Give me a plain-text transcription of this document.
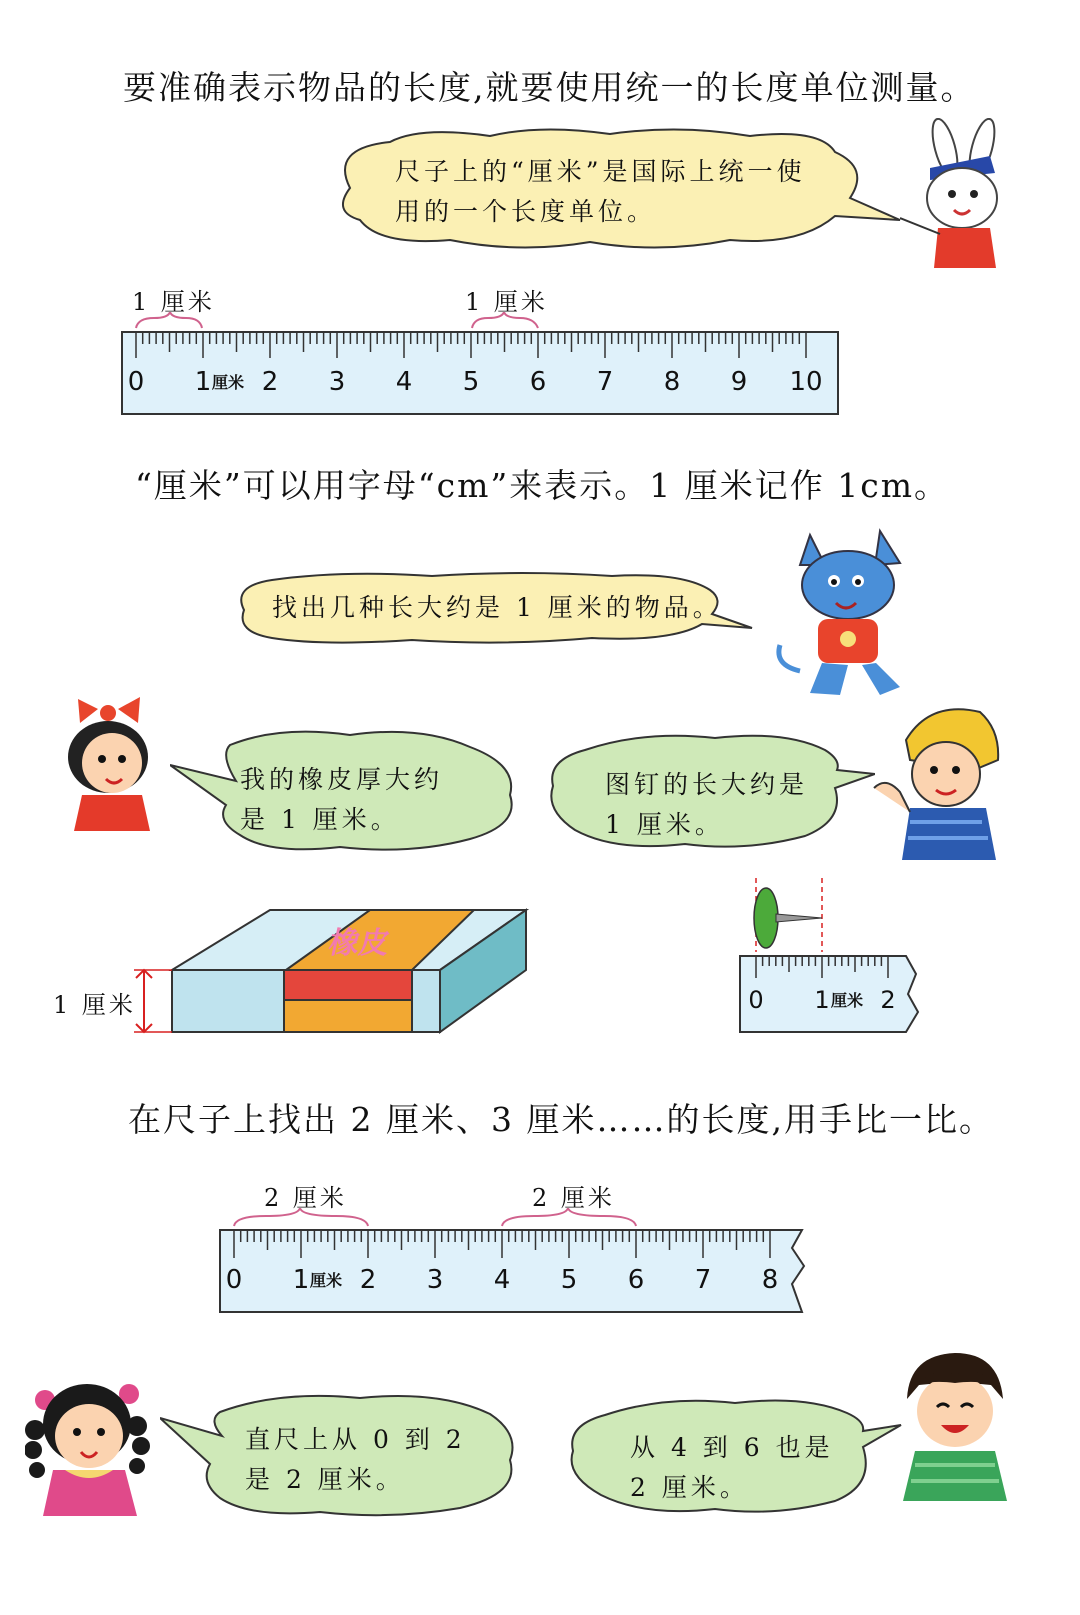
要准确表示物品的长度,就要使用统一的长度单位测量。
尺子上的“厘米”是国际上统一使
用的一个长度单位。
1 厘米	1 厘米
0 1 厘米 2 3 4 5 6 7 8 9 10
“厘米”可以用字母“cm”来表示。1 厘米记作 1cm。
找出几种长大约是 1 厘米的物品。
我的橡皮厚大约
是 1 厘米。
图钉的长大约是
1 厘米。
橡皮
1 厘米	0 1 厘米 2
在尺子上找出 2 厘米、3 厘米……的长度,用手比一比。
2 厘米	2 厘米
0 1 厘米 2 3 4 5 6 7 8
直尺上从 0 到 2
是 2 厘米。
从 4 到 6 也是
2 厘米。
